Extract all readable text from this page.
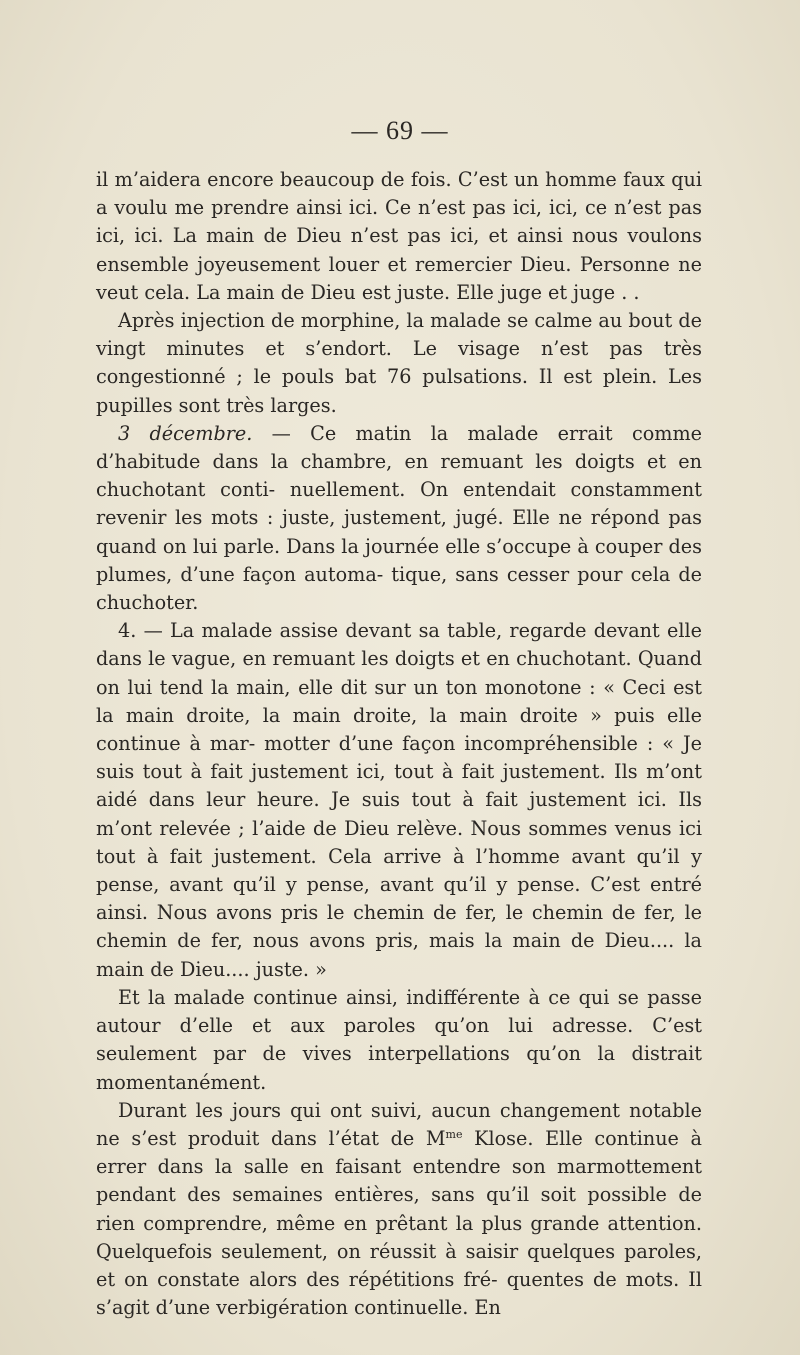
— 69 —

il m’aidera encore beaucoup de fois. C’est un homme faux qui a voulu me prendre ainsi ici. Ce n’est pas ici, ici, ce n’est pas ici, ici. La main de Dieu n’est pas ici, et ainsi nous voulons ensemble joyeusement louer et remercier Dieu. Personne ne veut cela. La main de Dieu est juste. Elle juge et juge . .

Après injection de morphine, la malade se calme au bout de vingt minutes et s’endort. Le visage n’est pas très congestionné ; le pouls bat 76 pulsations. Il est plein. Les pupilles sont très larges.

3 décembre. — Ce matin la malade errait comme d’habitude dans la chambre, en remuant les doigts et en chuchotant conti- nuellement. On entendait constamment revenir les mots : juste, justement, jugé. Elle ne répond pas quand on lui parle. Dans la journée elle s’occupe à couper des plumes, d’une façon automa- tique, sans cesser pour cela de chuchoter.

4. — La malade assise devant sa table, regarde devant elle dans le vague, en remuant les doigts et en chuchotant. Quand on lui tend la main, elle dit sur un ton monotone : « Ceci est la main droite, la main droite, la main droite » puis elle continue à mar- motter d’une façon incompréhensible : « Je suis tout à fait justement ici, tout à fait justement. Ils m’ont aidé dans leur heure. Je suis tout à fait justement ici. Ils m’ont relevée ; l’aide de Dieu relève. Nous sommes venus ici tout à fait justement. Cela arrive à l’homme avant qu’il y pense, avant qu’il y pense, avant qu’il y pense. C’est entré ainsi. Nous avons pris le chemin de fer, le chemin de fer, le chemin de fer, nous avons pris, mais la main de Dieu.... la main de Dieu.... juste. »

Et la malade continue ainsi, indifférente à ce qui se passe autour d’elle et aux paroles qu’on lui adresse. C’est seulement par de vives interpellations qu’on la distrait momentanément.

Durant les jours qui ont suivi, aucun changement notable ne s’est produit dans l’état de $M^{me}$ Klose. Elle continue à errer dans la salle en faisant entendre son marmottement pendant des semaines entières, sans qu’il soit possible de rien comprendre, même en prêtant la plus grande attention. Quelquefois seulement, on réussit à saisir quelques paroles, et on constate alors des répétitions fré- quentes de mots. Il s’agit d’une verbigération continuelle. En
